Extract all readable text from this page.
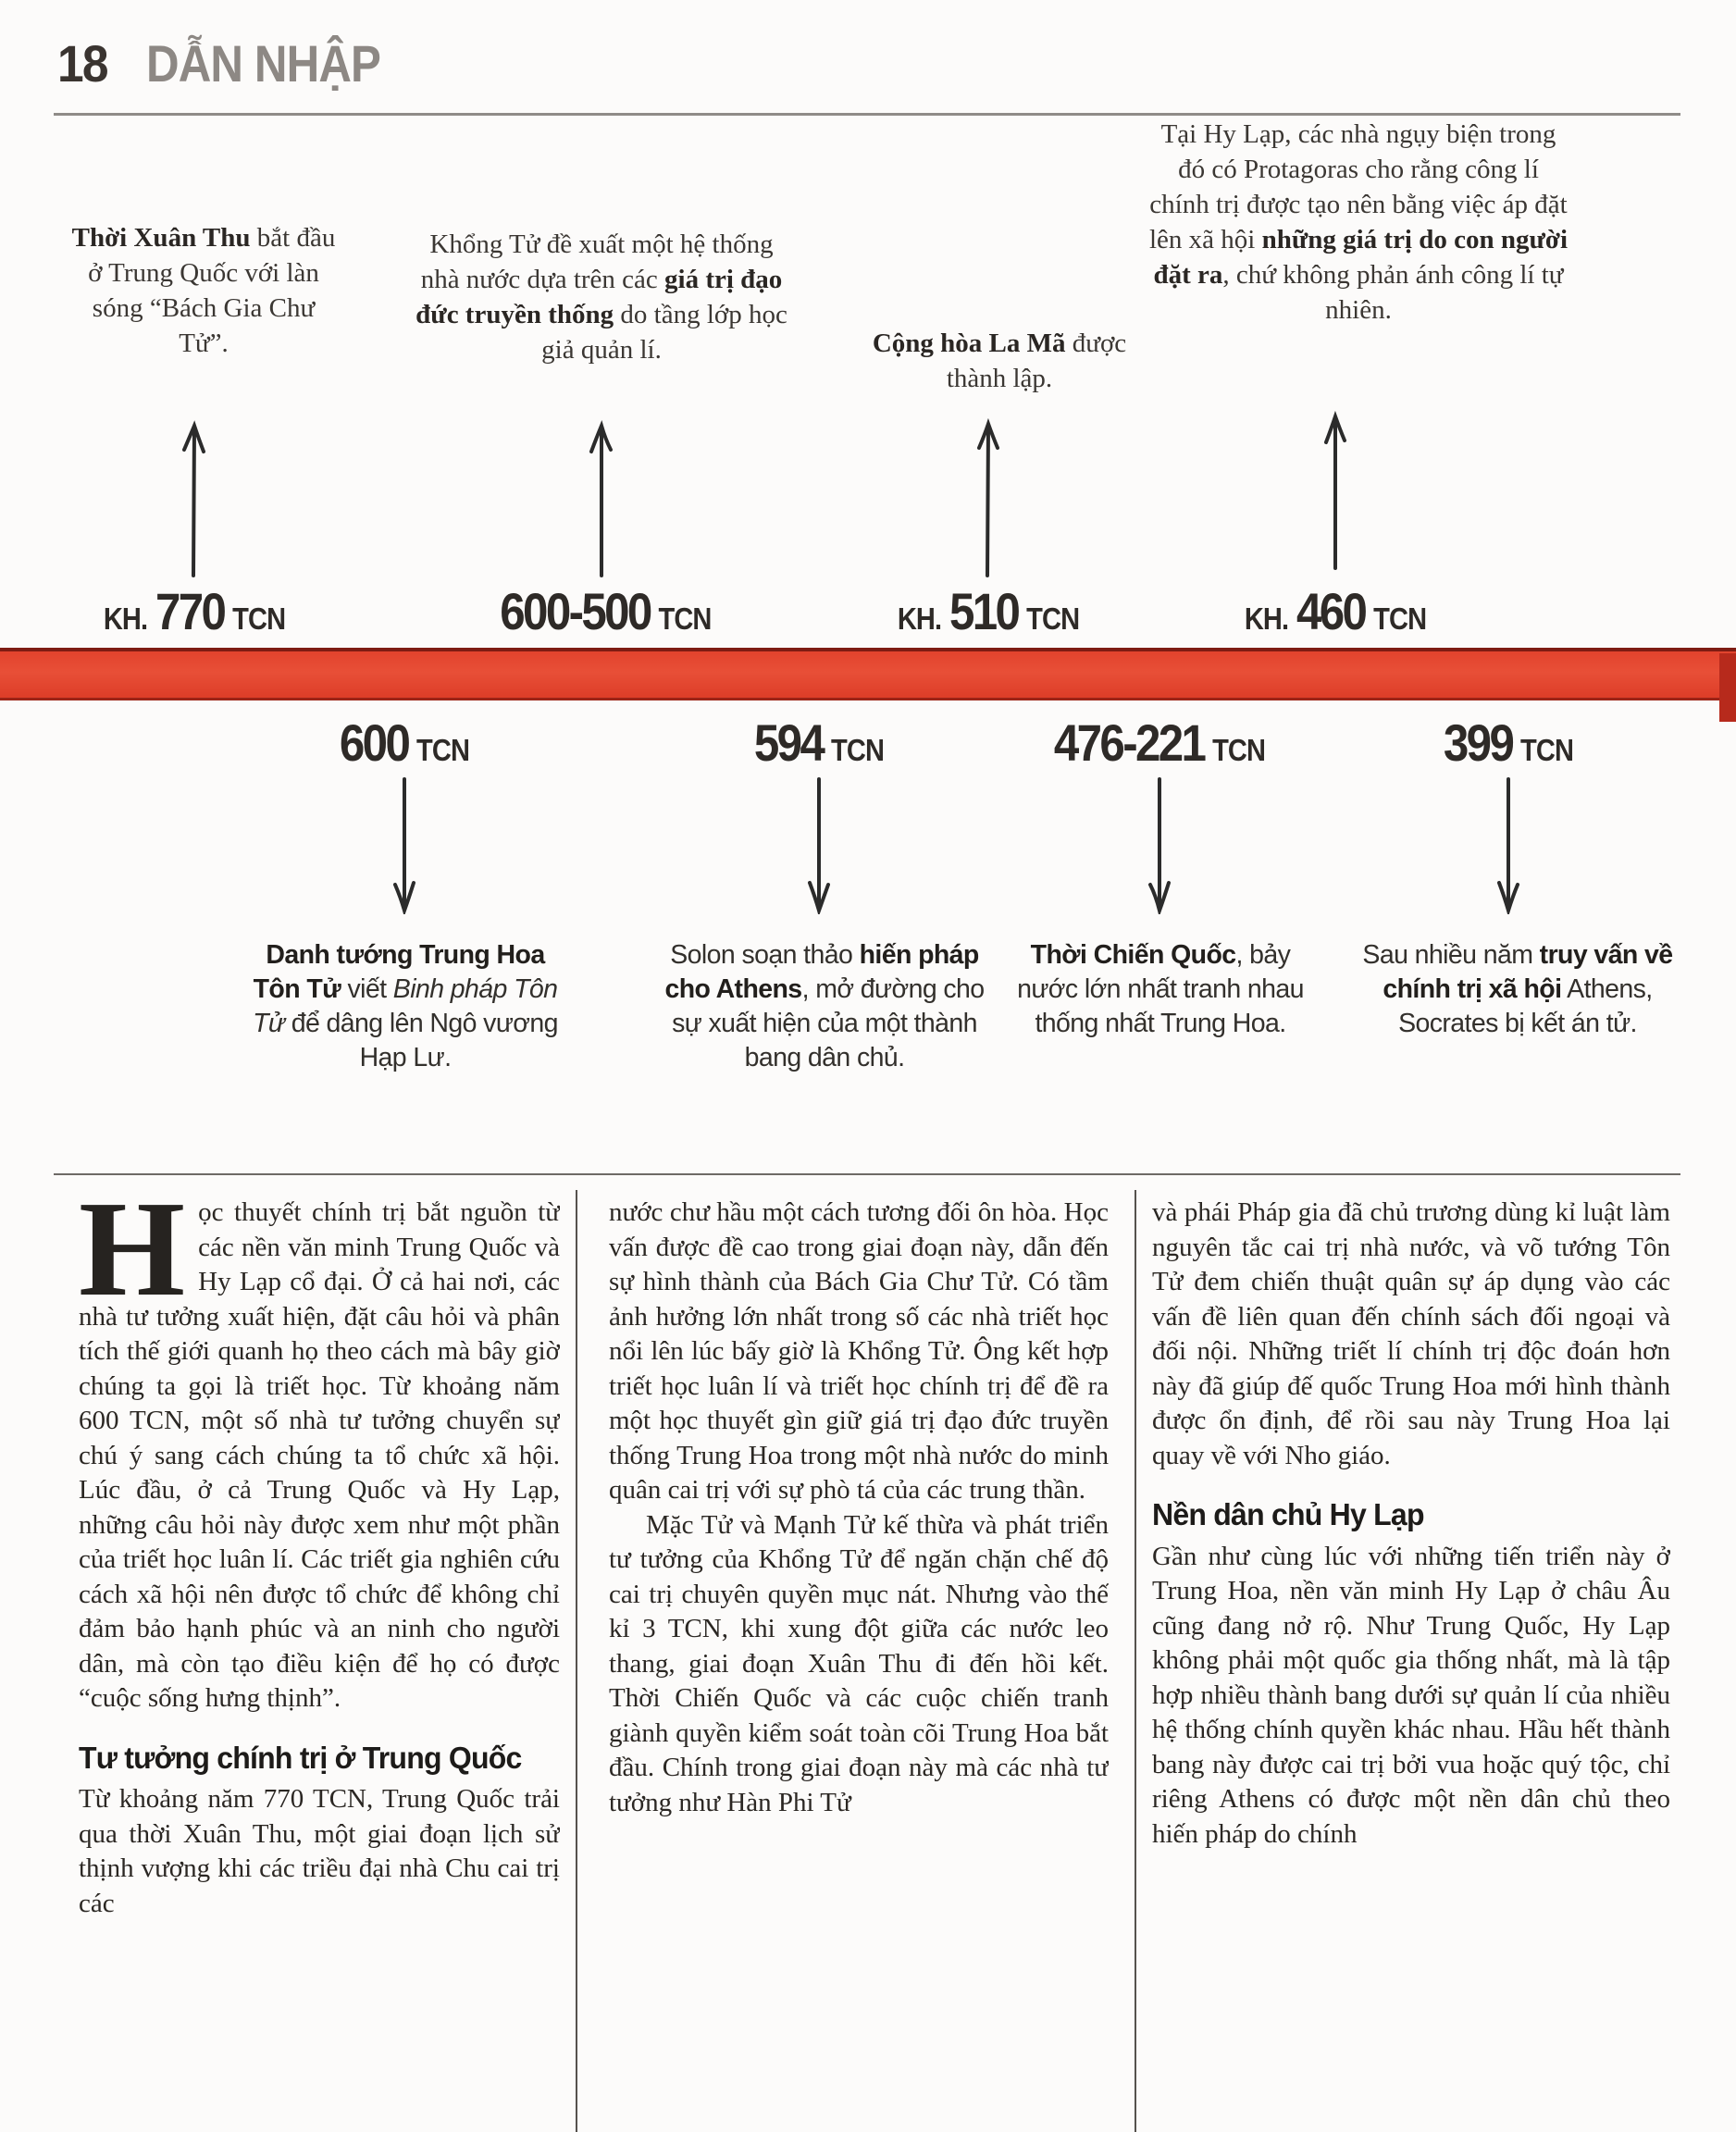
18 DẪN NHẬP
Thời Xuân Thu bắt đầu ở Trung Quốc với làn sóng “Bách Gia Chư Tử”.
Khổng Tử đề xuất một hệ thống nhà nước dựa trên các giá trị đạo đức truyền thống do tầng lớp học giả quản lí.	Cộng hòa La Mã được thành lập.
Tại Hy Lạp, các nhà ngụy biện trong đó có Protagoras cho rằng công lí chính trị được tạo nên bằng việc áp đặt lên xã hội những giá trị do con người đặt ra, chứ không phản ánh công lí tự nhiên.
KH. 770 TCN	600-500 TCN	KH. 510 TCN	KH. 460 TCN
600 TCN	594 TCN	476-221 TCN	399 TCN
Danh tướng Trung Hoa Tôn Tử viết Binh pháp Tôn Tử để dâng lên Ngô vương Hạp Lư.
Solon soạn thảo hiến pháp cho Athens, mở đường cho sự xuất hiện của một thành bang dân chủ.
Thời Chiến Quốc, bảy nước lớn nhất tranh nhau thống nhất Trung Hoa.
Sau nhiều năm truy vấn về chính trị xã hội Athens, Socrates bị kết án tử.

Học thuyết chính trị bắt nguồn từ các nền văn minh Trung Quốc và Hy Lạp cổ đại. Ở cả hai nơi, các nhà tư tưởng xuất hiện, đặt câu hỏi và phân tích thế giới quanh họ theo cách mà bây giờ chúng ta gọi là triết học. Từ khoảng năm 600 TCN, một số nhà tư tưởng chuyển sự chú ý sang cách chúng ta tổ chức xã hội. Lúc đầu, ở cả Trung Quốc và Hy Lạp, những câu hỏi này được xem như một phần của triết học luân lí. Các triết gia nghiên cứu cách xã hội nên được tổ chức để không chỉ đảm bảo hạnh phúc và an ninh cho người dân, mà còn tạo điều kiện để họ có được “cuộc sống hưng thịnh”.

Tư tưởng chính trị ở Trung Quốc

Từ khoảng năm 770 TCN, Trung Quốc trải qua thời Xuân Thu, một giai đoạn lịch sử thịnh vượng khi các triều đại nhà Chu cai trị các

nước chư hầu một cách tương đối ôn hòa. Học vấn được đề cao trong giai đoạn này, dẫn đến sự hình thành của Bách Gia Chư Tử. Có tầm ảnh hưởng lớn nhất trong số các nhà triết học nổi lên lúc bấy giờ là Khổng Tử. Ông kết hợp triết học luân lí và triết học chính trị để đề ra một học thuyết gìn giữ giá trị đạo đức truyền thống Trung Hoa trong một nhà nước do minh quân cai trị với sự phò tá của các trung thần.

Mặc Tử và Mạnh Tử kế thừa và phát triển tư tưởng của Khổng Tử để ngăn chặn chế độ cai trị chuyên quyền mục nát. Nhưng vào thế kỉ 3 TCN, khi xung đột giữa các nước leo thang, giai đoạn Xuân Thu đi đến hồi kết. Thời Chiến Quốc và các cuộc chiến tranh giành quyền kiểm soát toàn cõi Trung Hoa bắt đầu. Chính trong giai đoạn này mà các nhà tư tưởng như Hàn Phi Tử

và phái Pháp gia đã chủ trương dùng kỉ luật làm nguyên tắc cai trị nhà nước, và võ tướng Tôn Tử đem chiến thuật quân sự áp dụng vào các vấn đề liên quan đến chính sách đối ngoại và đối nội. Những triết lí chính trị độc đoán hơn này đã giúp đế quốc Trung Hoa mới hình thành được ổn định, để rồi sau này Trung Hoa lại quay về với Nho giáo.

Nền dân chủ Hy Lạp

Gần như cùng lúc với những tiến triển này ở Trung Hoa, nền văn minh Hy Lạp ở châu Âu cũng đang nở rộ. Như Trung Quốc, Hy Lạp không phải một quốc gia thống nhất, mà là tập hợp nhiều thành bang dưới sự quản lí của nhiều hệ thống chính quyền khác nhau. Hầu hết thành bang này được cai trị bởi vua hoặc quý tộc, chỉ riêng Athens có được một nền dân chủ theo hiến pháp do chính
